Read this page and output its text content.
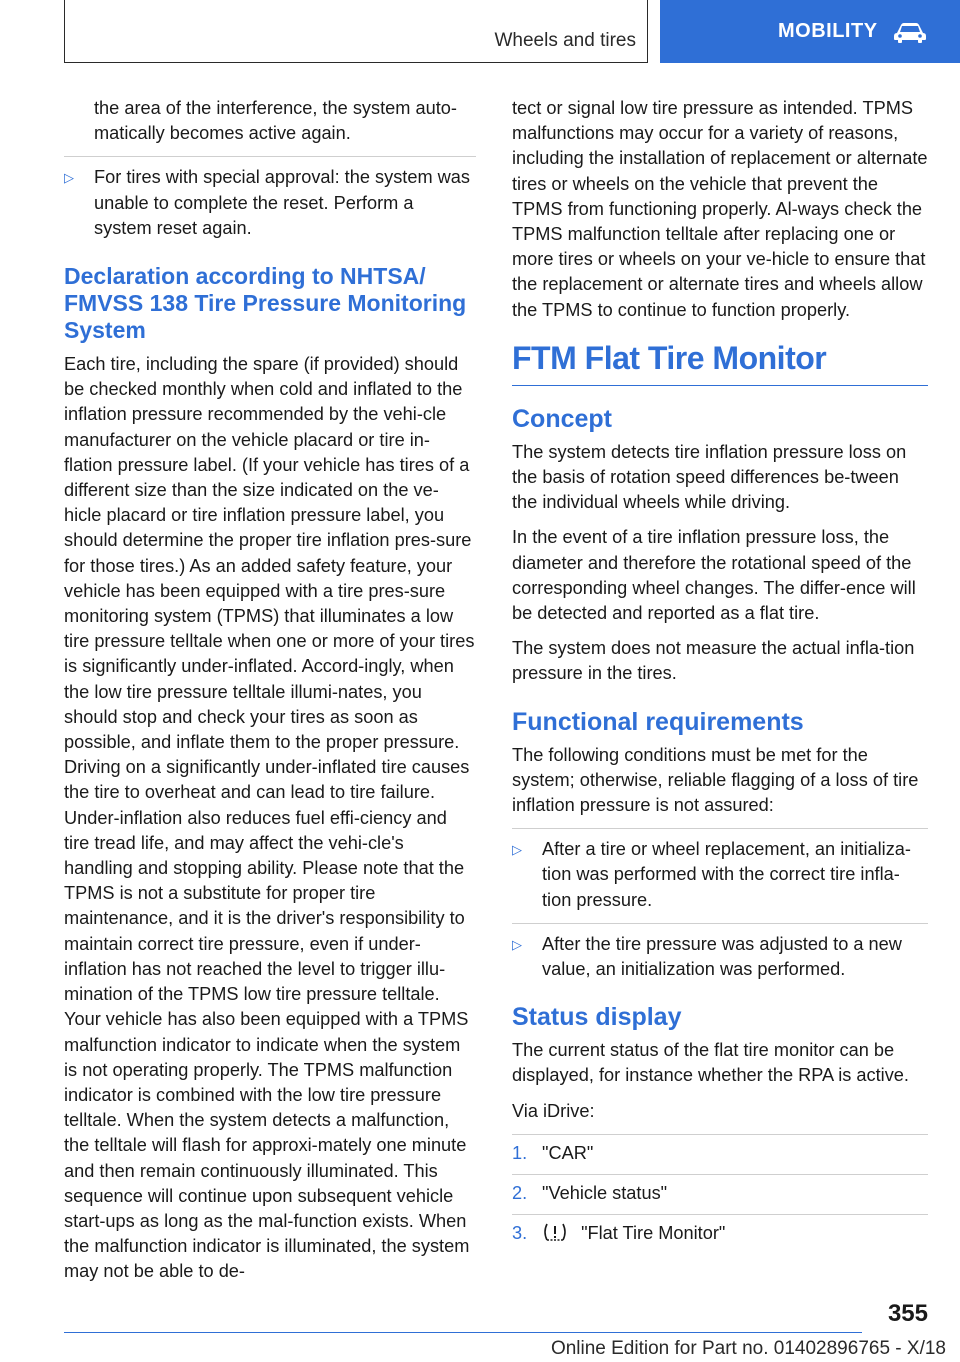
Wheels and tires	MOBILITY

the area of the interference, the system auto-matically becomes active again.

▷ For tires with special approval: the system was unable to complete the reset. Perform a system reset again.
Declaration according to NHTSA/ FMVSS 138 Tire Pressure Monitoring System

Each tire, including the spare (if provided) should be checked monthly when cold and inflated to the inflation pressure recommended by the vehi-cle manufacturer on the vehicle placard or tire in-flation pressure label. (If your vehicle has tires of a different size than the size indicated on the ve-hicle placard or tire inflation pressure label, you should determine the proper tire inflation pres-sure for those tires.) As an added safety feature, your vehicle has been equipped with a tire pres-sure monitoring system (TPMS) that illuminates a low tire pressure telltale when one or more of your tires is significantly under-inflated. Accord-ingly, when the low tire pressure telltale illumi-nates, you should stop and check your tires as soon as possible, and inflate them to the proper pressure. Driving on a significantly under-inflated tire causes the tire to overheat and can lead to tire failure. Under-inflation also reduces fuel effi-ciency and tire tread life, and may affect the vehi-cle's handling and stopping ability. Please note that the TPMS is not a substitute for proper tire maintenance, and it is the driver's responsibility to maintain correct tire pressure, even if under-inflation has not reached the level to trigger illu-mination of the TPMS low tire pressure telltale. Your vehicle has also been equipped with a TPMS malfunction indicator to indicate when the system is not operating properly. The TPMS malfunction indicator is combined with the low tire pressure telltale. When the system detects a malfunction, the telltale will flash for approxi-mately one minute and then remain continuously illuminated. This sequence will continue upon subsequent vehicle start-ups as long as the mal-function exists. When the malfunction indicator is illuminated, the system may not be able to de-

tect or signal low tire pressure as intended. TPMS malfunctions may occur for a variety of reasons, including the installation of replacement or alternate tires or wheels on the vehicle that prevent the TPMS from functioning properly. Al-ways check the TPMS malfunction telltale after replacing one or more tires or wheels on your ve-hicle to ensure that the replacement or alternate tires and wheels allow the TPMS to continue to function properly.

FTM Flat Tire Monitor
Concept

The system detects tire inflation pressure loss on the basis of rotation speed differences be-tween the individual wheels while driving.

In the event of a tire inflation pressure loss, the diameter and therefore the rotational speed of the corresponding wheel changes. The differ-ence will be detected and reported as a flat tire.

The system does not measure the actual infla-tion pressure in the tires.

Functional requirements

The following conditions must be met for the system; otherwise, reliable flagging of a loss of tire inflation pressure is not assured:

▷ After a tire or wheel replacement, an initializa-tion was performed with the correct tire infla-tion pressure.
▷ After the tire pressure was adjusted to a new value, an initialization was performed.
Status display

The current status of the flat tire monitor can be displayed, for instance whether the RPA is active.

Via iDrive:

1. "CAR"
2. "Vehicle status"
3.	"Flat Tire Monitor"
355
Online Edition for Part no. 01402896765 - X/18
